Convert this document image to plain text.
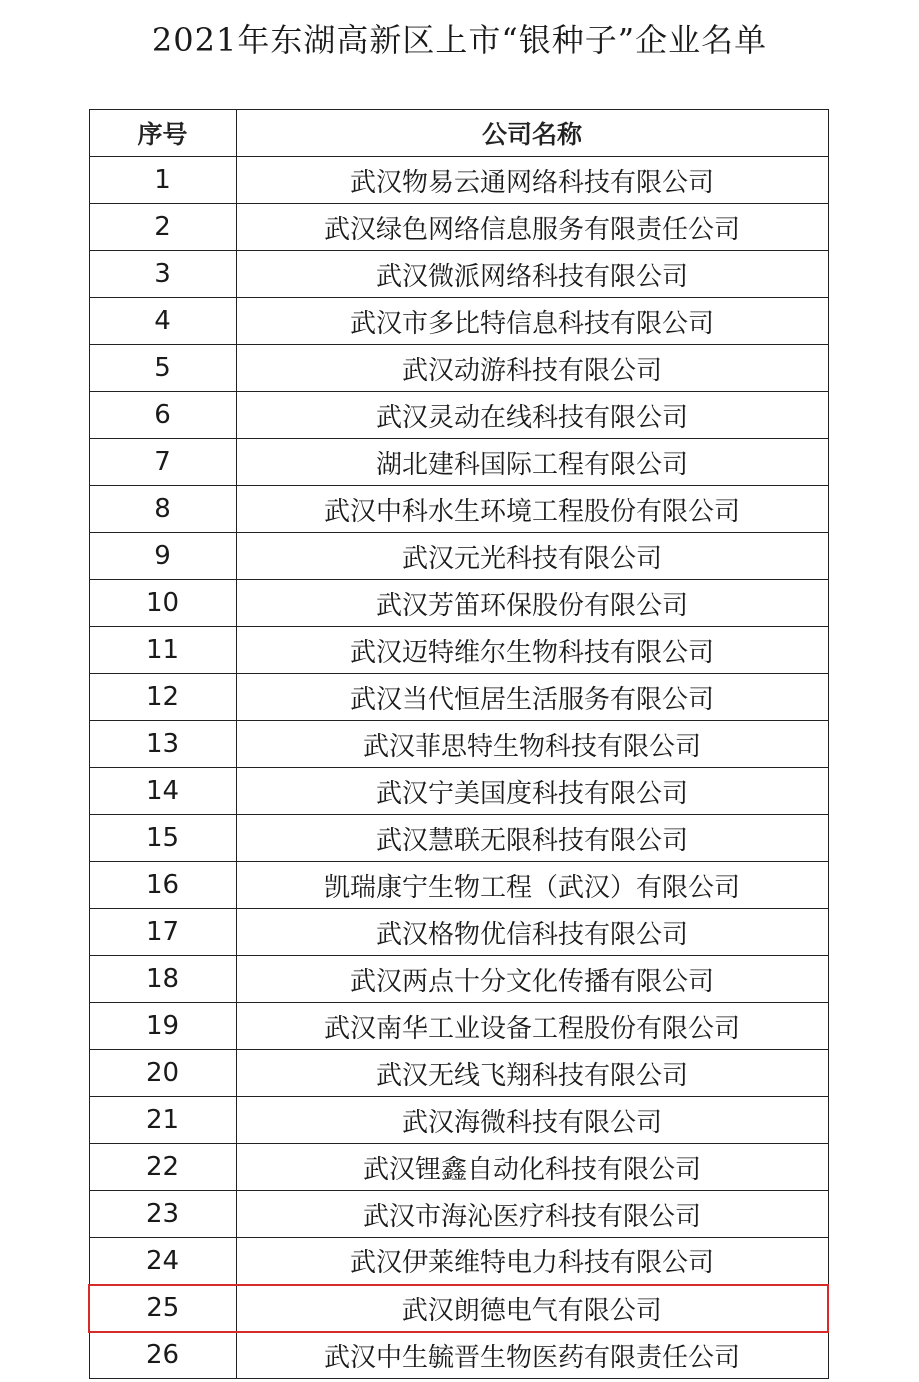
2021年东湖高新区上市“银种子”企业名单
序号	公司名称
1	武汉物易云通网络科技有限公司
2	武汉绿色网络信息服务有限责任公司
3	武汉微派网络科技有限公司
4	武汉市多比特信息科技有限公司
5	武汉动游科技有限公司
6	武汉灵动在线科技有限公司
7	湖北建科国际工程有限公司
8	武汉中科水生环境工程股份有限公司
9	武汉元光科技有限公司
10	武汉芳笛环保股份有限公司
11	武汉迈特维尔生物科技有限公司
12	武汉当代恒居生活服务有限公司
13	武汉菲思特生物科技有限公司
14	武汉宁美国度科技有限公司
15	武汉慧联无限科技有限公司
16	凯瑞康宁生物工程（武汉）有限公司
17	武汉格物优信科技有限公司
18	武汉两点十分文化传播有限公司
19	武汉南华工业设备工程股份有限公司
20	武汉无线飞翔科技有限公司
21	武汉海微科技有限公司
22	武汉锂鑫自动化科技有限公司
23	武汉市海沁医疗科技有限公司
24	武汉伊莱维特电力科技有限公司
25	武汉朗德电气有限公司
26	武汉中生毓晋生物医药有限责任公司
